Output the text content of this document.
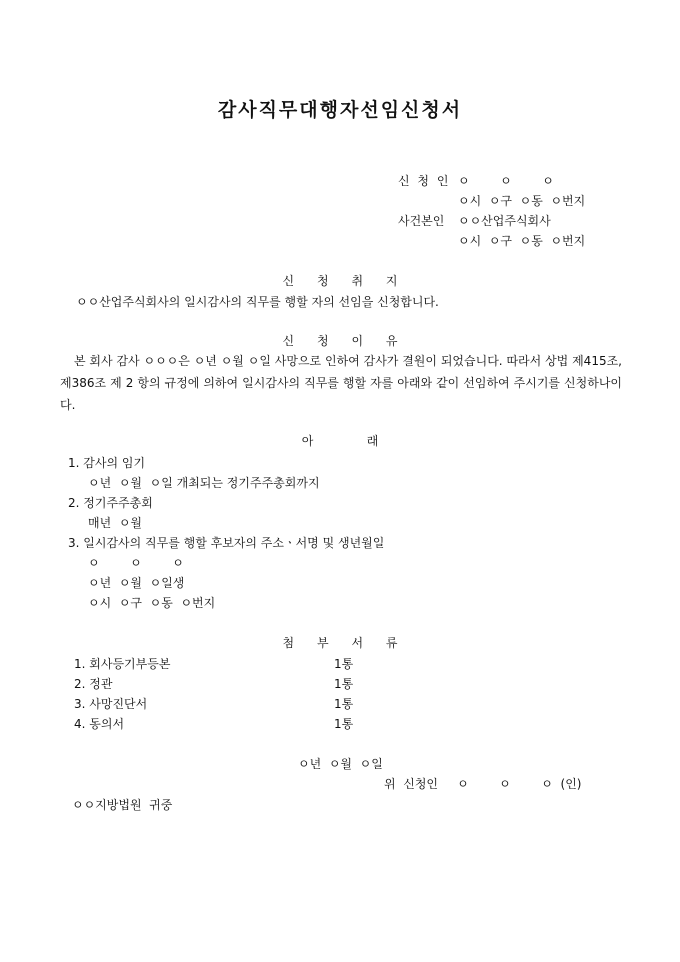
감사직무대행자선임신청서
신 청 인 ㅇ        ㅇ        ㅇ
ㅇ시  ㅇ구  ㅇ동  ㅇ번지
사건본인 ㅇㅇ산업주식회사
ㅇ시  ㅇ구  ㅇ동  ㅇ번지
신      청      취      지
ㅇㅇ산업주식회사의 일시감사의 직무를 행할 자의 선임을 신청합니다.
신      청      이      유
본 회사 감사 ㅇㅇㅇ은 ㅇ년 ㅇ월 ㅇ일 사망으로 인하여 감사가 결원이 되었습니다. 따라서 상법 제415조, 제386조 제 2 항의 규정에 의하여 일시감사의 직무를 행할 자를 아래와 같이 선임하여 주시기를 신청하나이다.
아              래
1. 감사의 임기
ㅇ년  ㅇ월  ㅇ일 개최되는 정기주주총회까지
2. 정기주주총회
매년  ㅇ월
3. 일시감사의 직무를 행할 후보자의 주소ㆍ서명 및 생년월일
ㅇ        ㅇ        ㅇ
ㅇ년  ㅇ월  ㅇ일생
ㅇ시  ㅇ구  ㅇ동  ㅇ번지
첨      부      서      류
1. 회사등기부등본	1통
2. 정관	1통
3. 사망진단서	1통
4. 동의서	1통
ㅇ년  ㅇ월  ㅇ일
위  신청인     ㅇ        ㅇ        ㅇ  (인)
ㅇㅇ지방법원  귀중
